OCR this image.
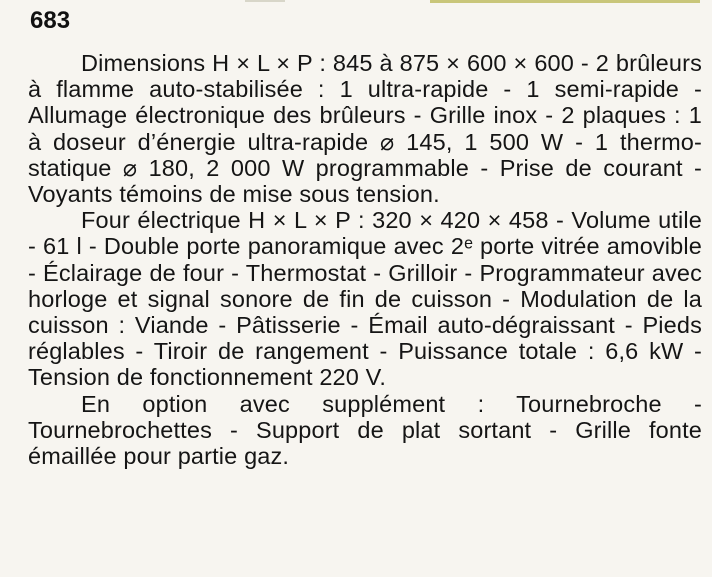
683

Dimensions H × L × P : 845 à 875 × 600 × 600 - 2 brûleurs à flamme auto-stabilisée : 1 ultra-rapide - 1 semi-rapide - Allumage électronique des brûleurs - Grille inox - 2 plaques : 1 à doseur d’énergie ultra-rapide ⌀ 145, 1 500 W - 1 thermo-statique ⌀ 180, 2 000 W programmable - Prise de courant - Voyants témoins de mise sous tension.

Four électrique H × L × P : 320 × 420 × 458 - Volume utile - 61 l - Double porte panoramique avec 2ᵉ porte vitrée amovible - Éclairage de four - Thermostat - Grilloir - Programmateur avec horloge et signal sonore de fin de cuisson - Modulation de la cuisson : Viande - Pâtisserie - Émail auto-dégraissant - Pieds réglables - Tiroir de rangement - Puissance totale : 6,6 kW - Tension de fonctionnement 220 V.

En option avec supplément : Tournebroche - Tournebrochettes - Support de plat sortant - Grille fonte émaillée pour partie gaz.
